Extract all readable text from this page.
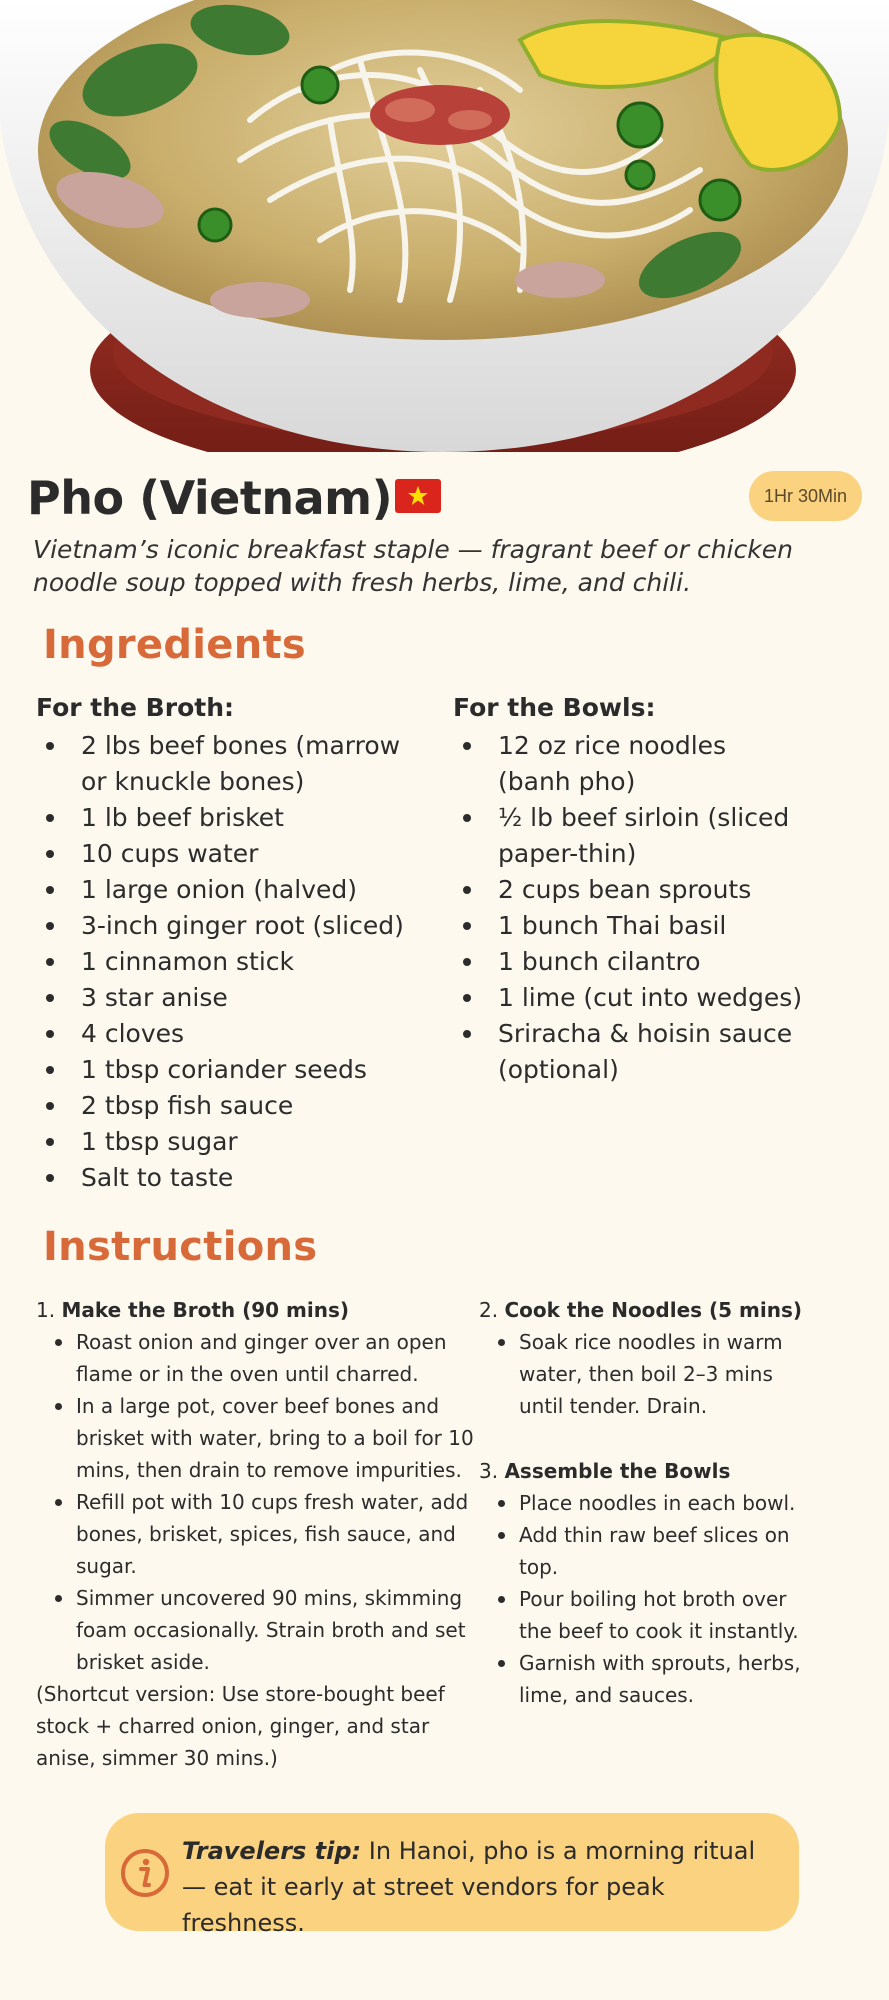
Pho (Vietnam)	1Hr 30Min
Vietnam’s iconic breakfast staple — fragrant beef or chicken noodle soup topped with fresh herbs, lime, and chili.
Ingredients
For the Broth:
2 lbs beef bones (marrow or knuckle bones)
1 lb beef brisket
10 cups water
1 large onion (halved)
3-inch ginger root (sliced)
1 cinnamon stick
3 star anise
4 cloves
1 tbsp coriander seeds
2 tbsp fish sauce
1 tbsp sugar
Salt to taste
For the Bowls:
12 oz rice noodles (banh pho)
½ lb beef sirloin (sliced paper-thin)
2 cups bean sprouts
1 bunch Thai basil
1 bunch cilantro
1 lime (cut into wedges)
Sriracha & hoisin sauce (optional)
Instructions
1. Make the Broth (90 mins)
Roast onion and ginger over an open flame or in the oven until charred.
In a large pot, cover beef bones and brisket with water, bring to a boil for 10 mins, then drain to remove impurities.
Refill pot with 10 cups fresh water, add bones, brisket, spices, fish sauce, and sugar.
Simmer uncovered 90 mins, skimming foam occasionally. Strain broth and set brisket aside.
(Shortcut version: Use store-bought beef stock + charred onion, ginger, and star anise, simmer 30 mins.)
2. Cook the Noodles (5 mins)
Soak rice noodles in warm water, then boil 2–3 mins until tender. Drain.
3. Assemble the Bowls
Place noodles in each bowl.
Add thin raw beef slices on top.
Pour boiling hot broth over the beef to cook it instantly.
Garnish with sprouts, herbs, lime, and sauces.
Travelers tip: In Hanoi, pho is a morning ritual — eat it early at street vendors for peak freshness.
